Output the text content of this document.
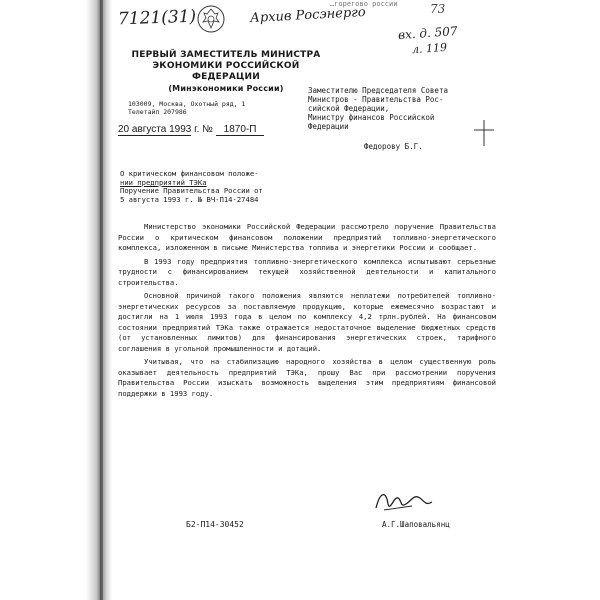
7121(31)	Архив Росэнерго
…горегово россии	73
вх. д. 507
л. 119
ПЕРВЫЙ ЗАМЕСТИТЕЛЬ МИНИСТРА
ЭКОНОМИКИ РОССИЙСКОЙ ФЕДЕРАЦИИ
(Минэкономики России)
103009, Москва, Охотный ряд, 1
Телетайп 207986
20 августа 1993 г. № 1870-П
Заместителю Председателя Совета
Министров - Правительства Рос-
сийской Федерации,
Министру финансов Российской
Федерации
Федорову Б.Г.
О критическом финансовом положе-
нии предприятий ТЭКа
Поручение Правительства России от
5 августа 1993 г. № ВЧ-П14-27484

Министерство экономики Российской Федерации рассмотрело поручение Правительства России о критическом финансовом положении предприятий топливно-энергетического комплекса, изложенном в письме Министерства топлива и энергетики России и сообщает.

В 1993 году предприятия топливно-энергетического комплекса испытывают серьезные трудности с финансированием текущей хозяйственной деятельности и капитального строительства.

Основной причиной такого положения являются неплатежи потребителей топливно-энергетических ресурсов за поставляемую продукцию, которые ежемесячно возрастают и достигли на 1 июля 1993 года в целом по комплексу 4,2 трлн.рублей. На финансовом состоянии предприятий ТЭКа также отражается недостаточное выделение бюджетных средств (от установленных лимитов) для финансирования энергетических строек, тарифного соглашения в угольной промышленности и дотаций.

Учитывая, что на стабилизацию народного хозяйства в целом существенную роль оказывает деятельность предприятий ТЭКа, прошу Вас при рассмотрении поручения Правительства России изыскать возможность выделения этим предприятиям финансовой поддержки в 1993 году.

Б2-П14-30452	А.Г.Шаповальянц
